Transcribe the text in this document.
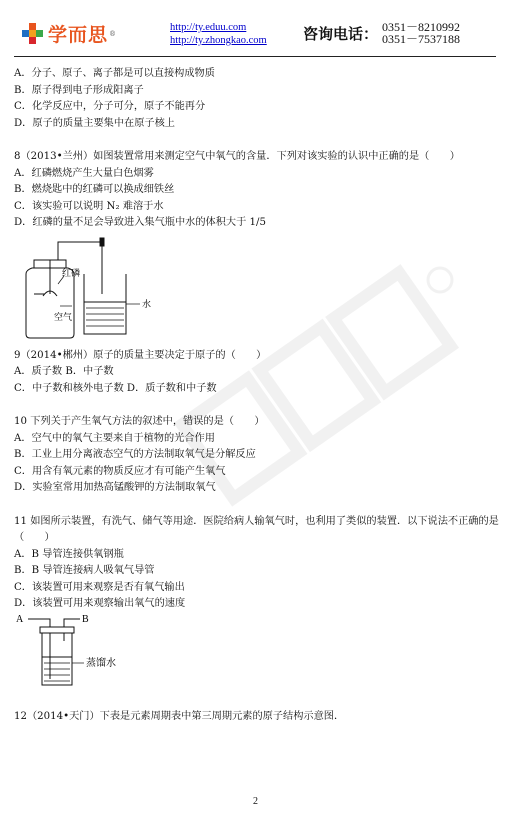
学而思 ®
http://ty.eduu.com
http://ty.zhongkao.com 咨询电话： 0351－8210992
0351－7537188

A．分子、原子、离子都是可以直接构成物质

B．原子得到电子形成阳离子

C．化学反应中，分子可分，原子不能再分

D．原子的质量主要集中在原子核上

8（2013•兰州）如图装置常用来测定空气中氧气的含量．下列对该实验的认识中正确的是（　　）

A．红磷燃烧产生大量白色烟雾

B．燃烧匙中的红磷可以换成细铁丝

C．该实验可以说明 N₂ 难溶于水

D．红磷的量不足会导致进入集气瓶中水的体积大于 1/5

红磷
空气
水

9（2014•郴州）原子的质量主要决定于原子的（　　）

A．质子数 B．中子数

C．中子数和核外电子数 D．质子数和中子数

10 下列关于产生氧气方法的叙述中，错误的是（　　）

A．空气中的氧气主要来自于植物的光合作用

B．工业上用分离液态空气的方法制取氧气是分解反应

C．用含有氧元素的物质反应才有可能产生氧气

D．实验室常用加热高锰酸钾的方法制取氧气

11 如图所示装置，有洗气、储气等用途．医院给病人输氧气时，也利用了类似的装置．以下说法不正确的是（　　）

A．B 导管连接供氧钢瓶

B．B 导管连接病人吸氧气导管

C．该装置可用来观察是否有氧气输出

D．该装置可用来观察输出氧气的速度

A	B
蒸馏水

12（2014•天门）下表是元素周期表中第三周期元素的原子结构示意图．

2
